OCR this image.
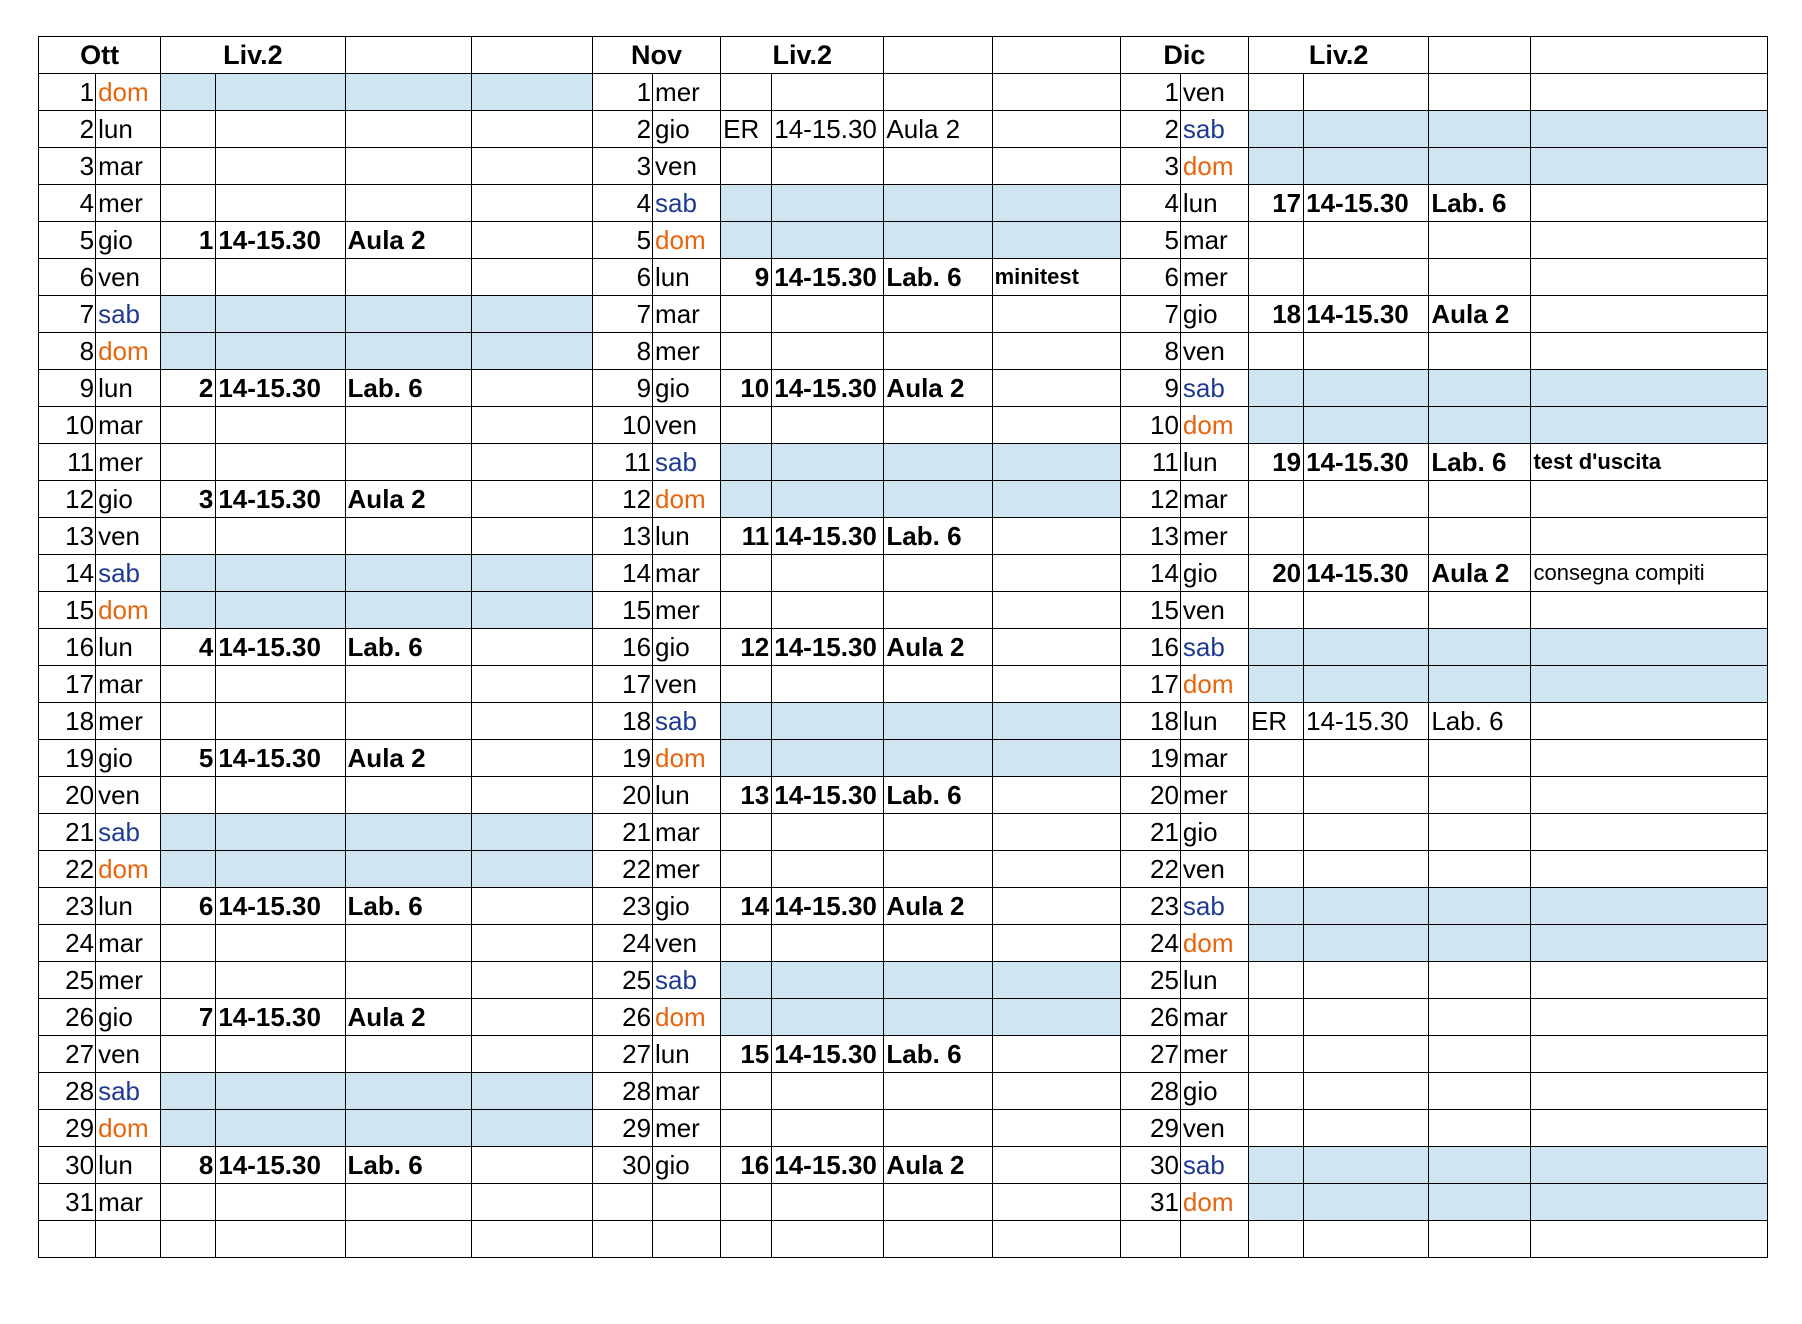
Ott		Liv.2				Nov		Liv.2				Dic		Liv.2			
1	dom					1	mer					1	ven				
2	lun					2	gio	ER	14-15.30	Aula 2		2	sab				
3	mar					3	ven					3	dom				
4	mer					4	sab					4	lun	17	14-15.30	Lab. 6	
5	gio	1	14-15.30	Aula 2		5	dom					5	mar				
6	ven					6	lun	9	14-15.30	Lab. 6	minitest	6	mer				
7	sab					7	mar					7	gio	18	14-15.30	Aula 2	
8	dom					8	mer					8	ven				
9	lun	2	14-15.30	Lab. 6		9	gio	10	14-15.30	Aula 2		9	sab				
10	mar					10	ven					10	dom				
11	mer					11	sab					11	lun	19	14-15.30	Lab. 6	test d'uscita
12	gio	3	14-15.30	Aula 2		12	dom					12	mar				
13	ven					13	lun	11	14-15.30	Lab. 6		13	mer				
14	sab					14	mar					14	gio	20	14-15.30	Aula 2	consegna compiti
15	dom					15	mer					15	ven				
16	lun	4	14-15.30	Lab. 6		16	gio	12	14-15.30	Aula 2		16	sab				
17	mar					17	ven					17	dom				
18	mer					18	sab					18	lun	ER	14-15.30	Lab. 6	
19	gio	5	14-15.30	Aula 2		19	dom					19	mar				
20	ven					20	lun	13	14-15.30	Lab. 6		20	mer				
21	sab					21	mar					21	gio				
22	dom					22	mer					22	ven				
23	lun	6	14-15.30	Lab. 6		23	gio	14	14-15.30	Aula 2		23	sab				
24	mar					24	ven					24	dom				
25	mer					25	sab					25	lun				
26	gio	7	14-15.30	Aula 2		26	dom					26	mar				
27	ven					27	lun	15	14-15.30	Lab. 6		27	mer				
28	sab					28	mar					28	gio				
29	dom					29	mer					29	ven				
30	lun	8	14-15.30	Lab. 6		30	gio	16	14-15.30	Aula 2		30	sab				
31	mar											31	dom				
